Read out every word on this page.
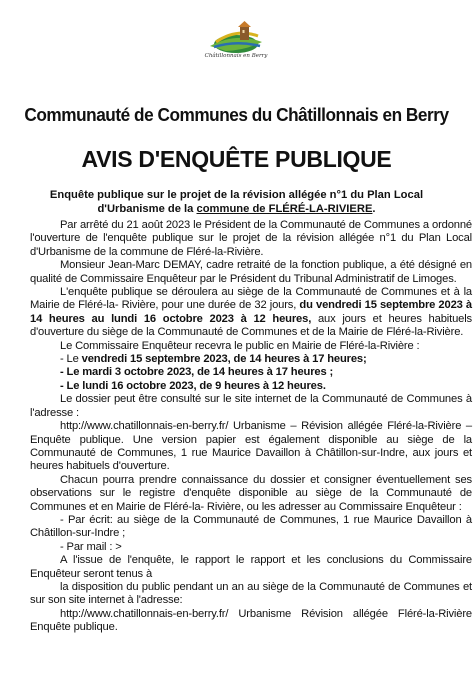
Châtillonnais en Berry
Communauté de Communes du Châtillonnais en Berry
AVIS D'ENQUÊTE PUBLIQUE
Enquête publique sur le projet de la révision allégée n°1 du Plan Local
d'Urbanisme de la commune de FLÉRÉ-LA-RIVIERE.

Par arrêté du 21 août 2023 le Président de la Communauté de Communes a ordonné l'ouverture de l'enquête publique sur le projet de la révision allégée n°1 du Plan Local d'Urbanisme de la commune de Fléré-la-Rivière.

Monsieur Jean-Marc DEMAY, cadre retraité de la fonction publique, a été désigné en qualité de Commissaire Enquêteur par le Président du Tribunal Administratif de Limoges.

L'enquête publique se déroulera au siège de la Communauté de Communes et à la Mairie de Fléré-la- Rivière, pour une durée de 32 jours, du vendredi 15 septembre 2023 à 14 heures au lundi 16 octobre 2023 à 12 heures, aux jours et heures habituels d'ouverture du siège de la Communauté de Communes et de la Mairie de Fléré-la-Rivière.

Le Commissaire Enquêteur recevra le public en Mairie de Fléré-la-Rivière :

- Le vendredi 15 septembre 2023, de 14 heures à 17 heures;

- Le mardi 3 octobre 2023, de 14 heures à 17 heures ;

- Le lundi 16 octobre 2023, de 9 heures à 12 heures.

Le dossier peut être consulté sur le site internet de la Communauté de Communes à l'adresse :

http://www.chatillonnais-en-berry.fr/ Urbanisme – Révision allégée Fléré-la-Rivière – Enquête publique. Une version papier est également disponible au siège de la Communauté de Communes, 1 rue Maurice Davaillon à Châtillon-sur-Indre, aux jours et heures habituels d'ouverture.

Chacun pourra prendre connaissance du dossier et consigner éventuellement ses observations sur le registre d'enquête disponible au siège de la Communauté de Communes et en Mairie de Fléré-la- Rivière, ou les adresser au Commissaire Enquêteur :

- Par écrit: au siège de la Communauté de Communes, 1 rue Maurice Davaillon à Châtillon-sur-Indre ;

- Par mail : >

A l'issue de l'enquête, le rapport le rapport et les conclusions du Commissaire Enquêteur seront tenus à

la disposition du public pendant un an au siège de la Communauté de Communes et sur son site internet à l'adresse:

http://www.chatillonnais-en-berry.fr/ Urbanisme Révision allégée Fléré-la-Rivière Enquête publique.
